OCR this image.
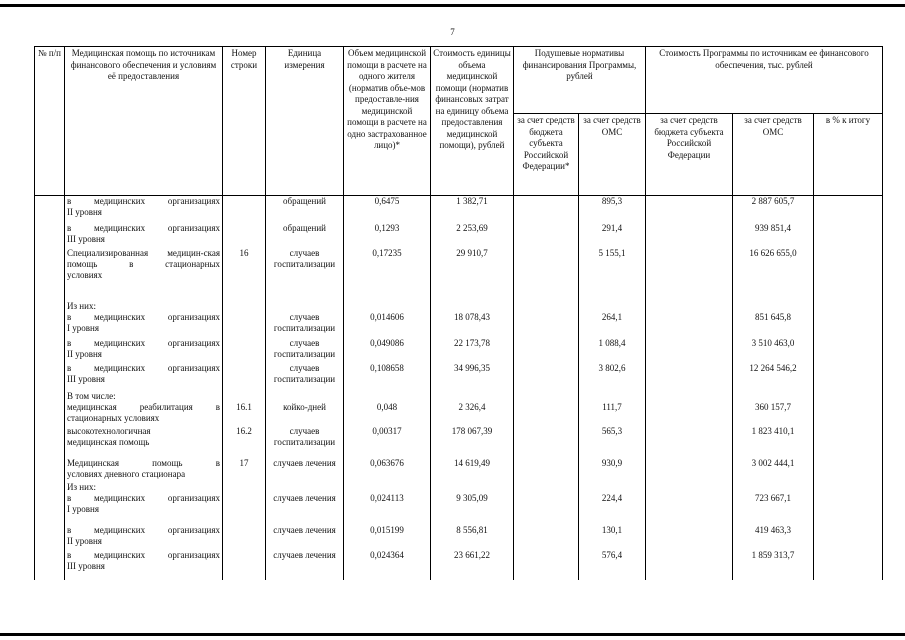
7
№ п/п	Медицинская помощь по источникам финансового обеспечения и условиям её предоставления	Номер строки	Единица измерения	Объем медицинской помощи в расчете на одного жителя (норматив объе-мов предоставле-ния медицинской помощи в расчете на одно застрахованное лицо)*	Стоимость единицы объема медицинской помощи (норматив финансовых затрат на единицу объема предоставления медицинской помощи), рублей	Подушевые нормативы финансирования Программы, рублей		Стоимость Программы по источникам ее финансового обеспечения, тыс. рублей		
						за счет средств бюджета субъекта Российской Федерации*	за счет средств ОМС	за счет средств бюджета субъекта Российской Федерации	за счет средств ОМС	в % к итогу

	в медицинских организациях
II уровня		обращений	0,6475	1 382,71		895,3		2 887 605,7	

	в медицинских организациях
III уровня		обращений	0,1293	2 253,69		291,4		939 851,4	

	Специализированная медицин-ская помощь в стационарных
условиях	16	случаев госпитализации	0,17235	29 910,7		5 155,1		16 626 655,0	

	Из них:									

	в медицинских организациях
I уровня		случаев госпитализации	0,014606	18 078,43		264,1		851 645,8	

	в медицинских организациях
II уровня		случаев госпитализации	0,049086	22 173,78		1 088,4		3 510 463,0	

	в медицинских организациях
III уровня		случаев госпитализации	0,108658	34 996,35		3 802,6		12 264 546,2	

	В том числе:									

	медицинская реабилитация в
стационарных условиях	16.1	койко-дней	0,048	2 326,4		111,7		360 157,7	

	высокотехнологичная
медицинская помощь	16.2	случаев госпитализации	0,00317	178 067,39		565,3		1 823 410,1	

	Медицинская помощь в
условиях дневного стационара	17	случаев лечения	0,063676	14 619,49		930,9		3 002 444,1	

	Из них:									

	в медицинских организациях
I уровня		случаев лечения	0,024113	9 305,09		224,4		723 667,1	

	в медицинских организациях
II уровня		случаев лечения	0,015199	8 556,81		130,1		419 463,3	

	в медицинских организациях
III уровня		случаев лечения	0,024364	23 661,22		576,4		1 859 313,7	
